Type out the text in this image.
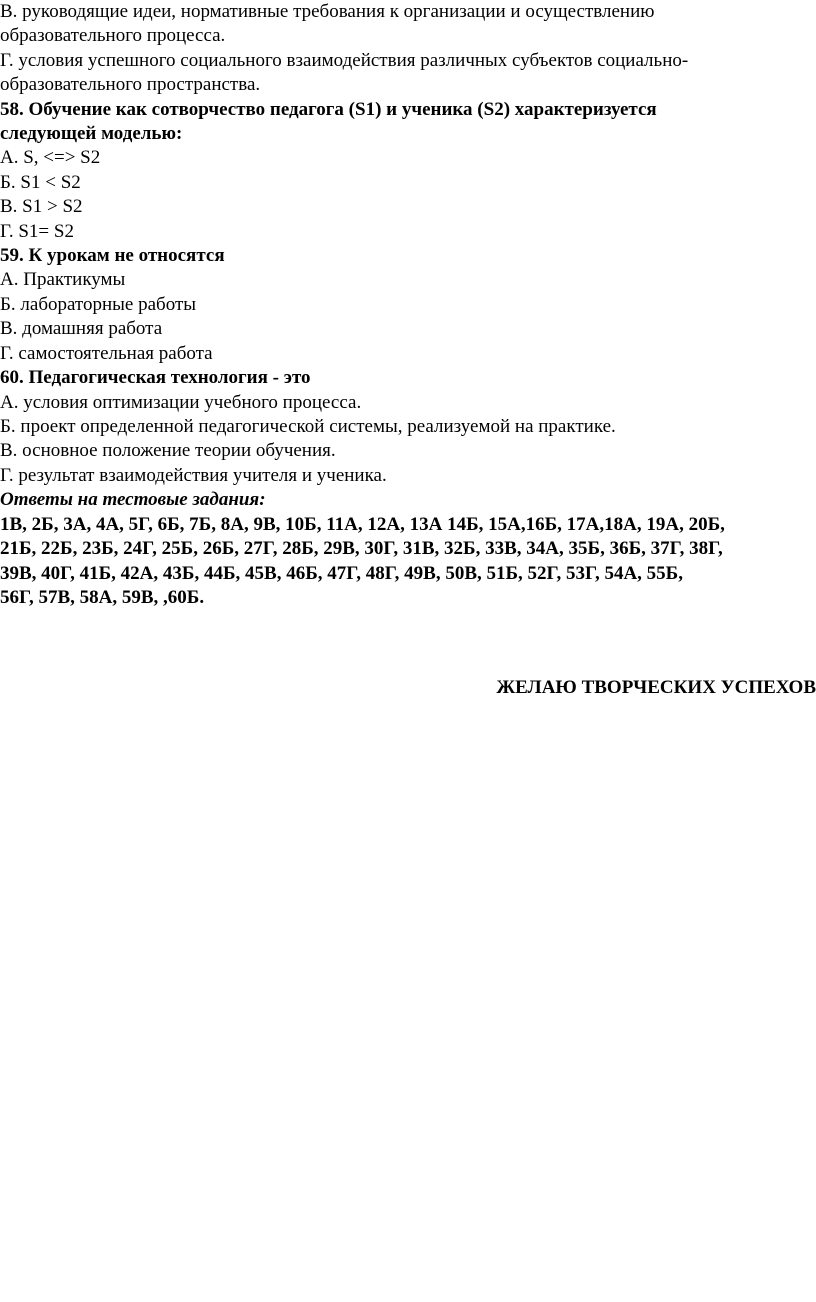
В. руководящие идеи, нормативные требования к организации и осуществлению
образовательного процесса.
Г. условия успешного социального взаимодействия различных субъектов социально-
образовательного пространства.
58. Обучение как сотворчество педагога (S1) и ученика (S2) характеризуется
следующей моделью:
А. S, <=> S2
Б. S1 < S2
В. S1 > S2
Г. S1= S2
59. К урокам не относятся
А. Практикумы
Б. лабораторные работы
В. домашняя работа
Г. самостоятельная работа
60. Педагогическая технология - это
А. условия оптимизации учебного процесса.
Б. проект определенной педагогической системы, реализуемой на практике.
В. основное положение теории обучения.
Г. результат взаимодействия учителя и ученика.
Ответы на тестовые задания:
1В, 2Б, 3А, 4А, 5Г, 6Б, 7Б, 8А, 9В, 10Б, 11А, 12А, 13А 14Б, 15А,16Б, 17А,18А, 19А, 20Б,
21Б, 22Б, 23Б, 24Г, 25Б, 26Б, 27Г, 28Б, 29В, 30Г, 31В, 32Б, 33В, 34А, 35Б, 36Б, 37Г, 38Г,
39В, 40Г, 41Б, 42А, 43Б, 44Б, 45В, 46Б, 47Г, 48Г, 49В, 50В, 51Б, 52Г, 53Г, 54А, 55Б,
56Г, 57В, 58А, 59В, ,60Б.
ЖЕЛАЮ ТВОРЧЕСКИХ УСПЕХОВ
